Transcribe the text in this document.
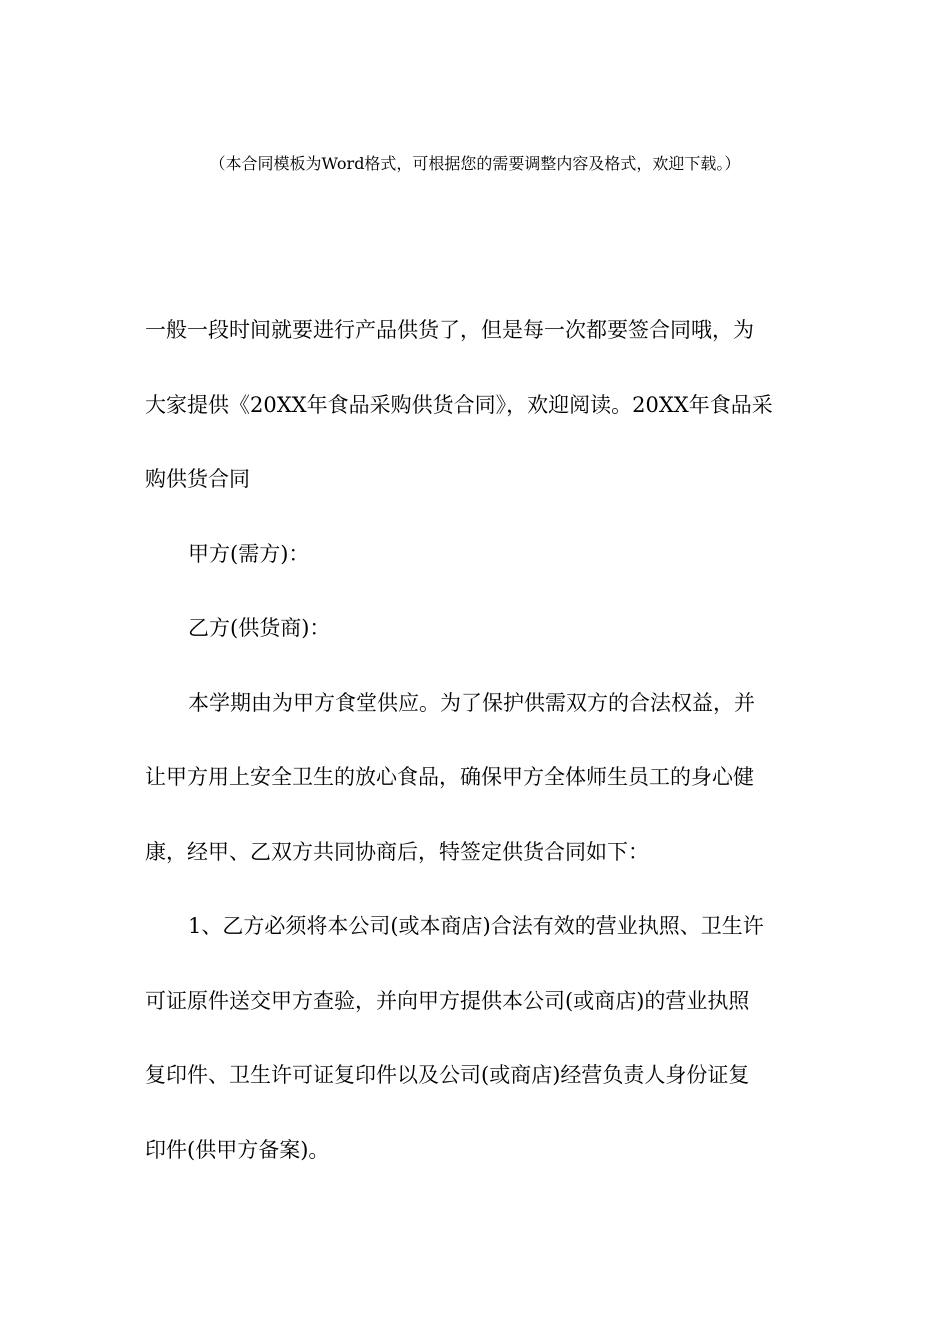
（本合同模板为Word格式，可根据您的需要调整内容及格式，欢迎下载。）

一般一段时间就要进行产品供货了，但是每一次都要签合同哦，为

大家提供《20XX年食品采购供货合同》，欢迎阅读。20XX年食品采

购供货合同

甲方(需方)：

乙方(供货商)：

本学期由为甲方食堂供应。为了保护供需双方的合法权益，并

让甲方用上安全卫生的放心食品，确保甲方全体师生员工的身心健

康，经甲、乙双方共同协商后，特签定供货合同如下：

1、乙方必须将本公司(或本商店)合法有效的营业执照、卫生许

可证原件送交甲方查验，并向甲方提供本公司(或商店)的营业执照

复印件、卫生许可证复印件以及公司(或商店)经营负责人身份证复

印件(供甲方备案)。
